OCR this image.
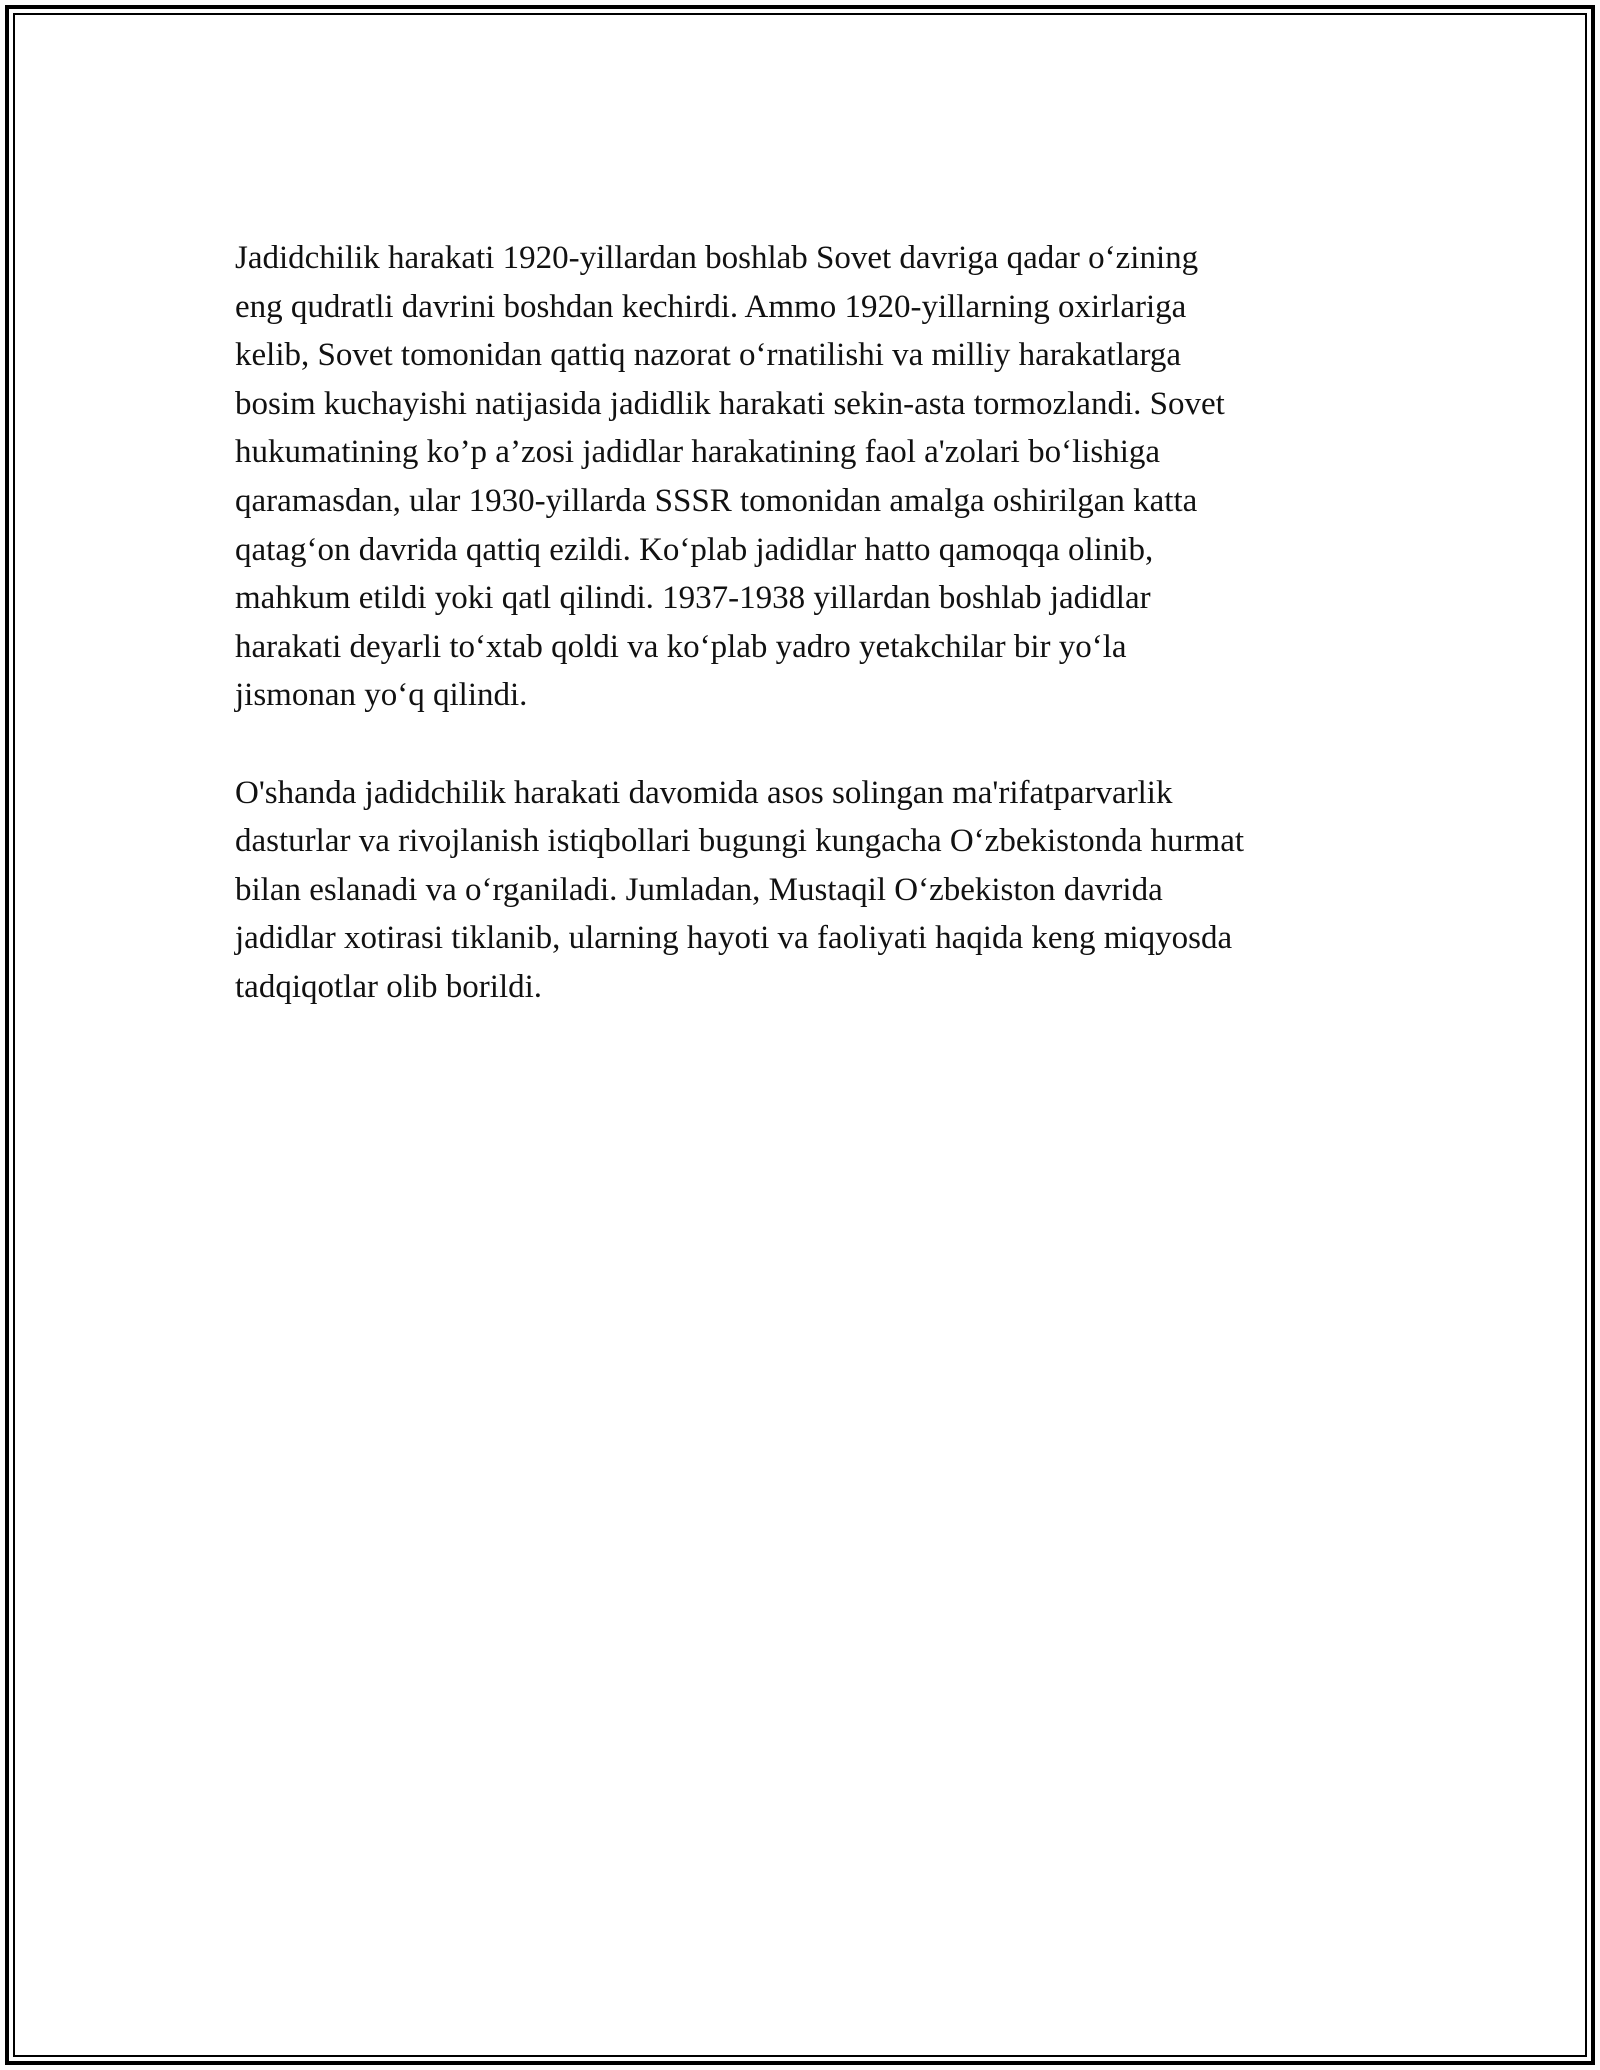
Jadidchilik harakati 1920-yillardan boshlab Sovet davriga qadar oʻzining
eng qudratli davrini boshdan kechirdi. Ammo 1920-yillarning oxirlariga
kelib, Sovet tomonidan qattiq nazorat oʻrnatilishi va milliy harakatlarga
bosim kuchayishi natijasida jadidlik harakati sekin-asta tormozlandi. Sovet
hukumatining ko’p a’zosi jadidlar harakatining faol a'zolari boʻlishiga
qaramasdan, ular 1930-yillarda SSSR tomonidan amalga oshirilgan katta
qatagʻon davrida qattiq ezildi. Koʻplab jadidlar hatto qamoqqa olinib,
mahkum etildi yoki qatl qilindi. 1937-1938 yillardan boshlab jadidlar
harakati deyarli toʻxtab qoldi va koʻplab yadro yetakchilar bir yoʻla
jismonan yoʻq qilindi.

O'shanda jadidchilik harakati davomida asos solingan ma'rifatparvarlik
dasturlar va rivojlanish istiqbollari bugungi kungacha Oʻzbekistonda hurmat
bilan eslanadi va oʻrganiladi. Jumladan, Mustaqil Oʻzbekiston davrida
jadidlar xotirasi tiklanib, ularning hayoti va faoliyati haqida keng miqyosda
tadqiqotlar olib borildi.
